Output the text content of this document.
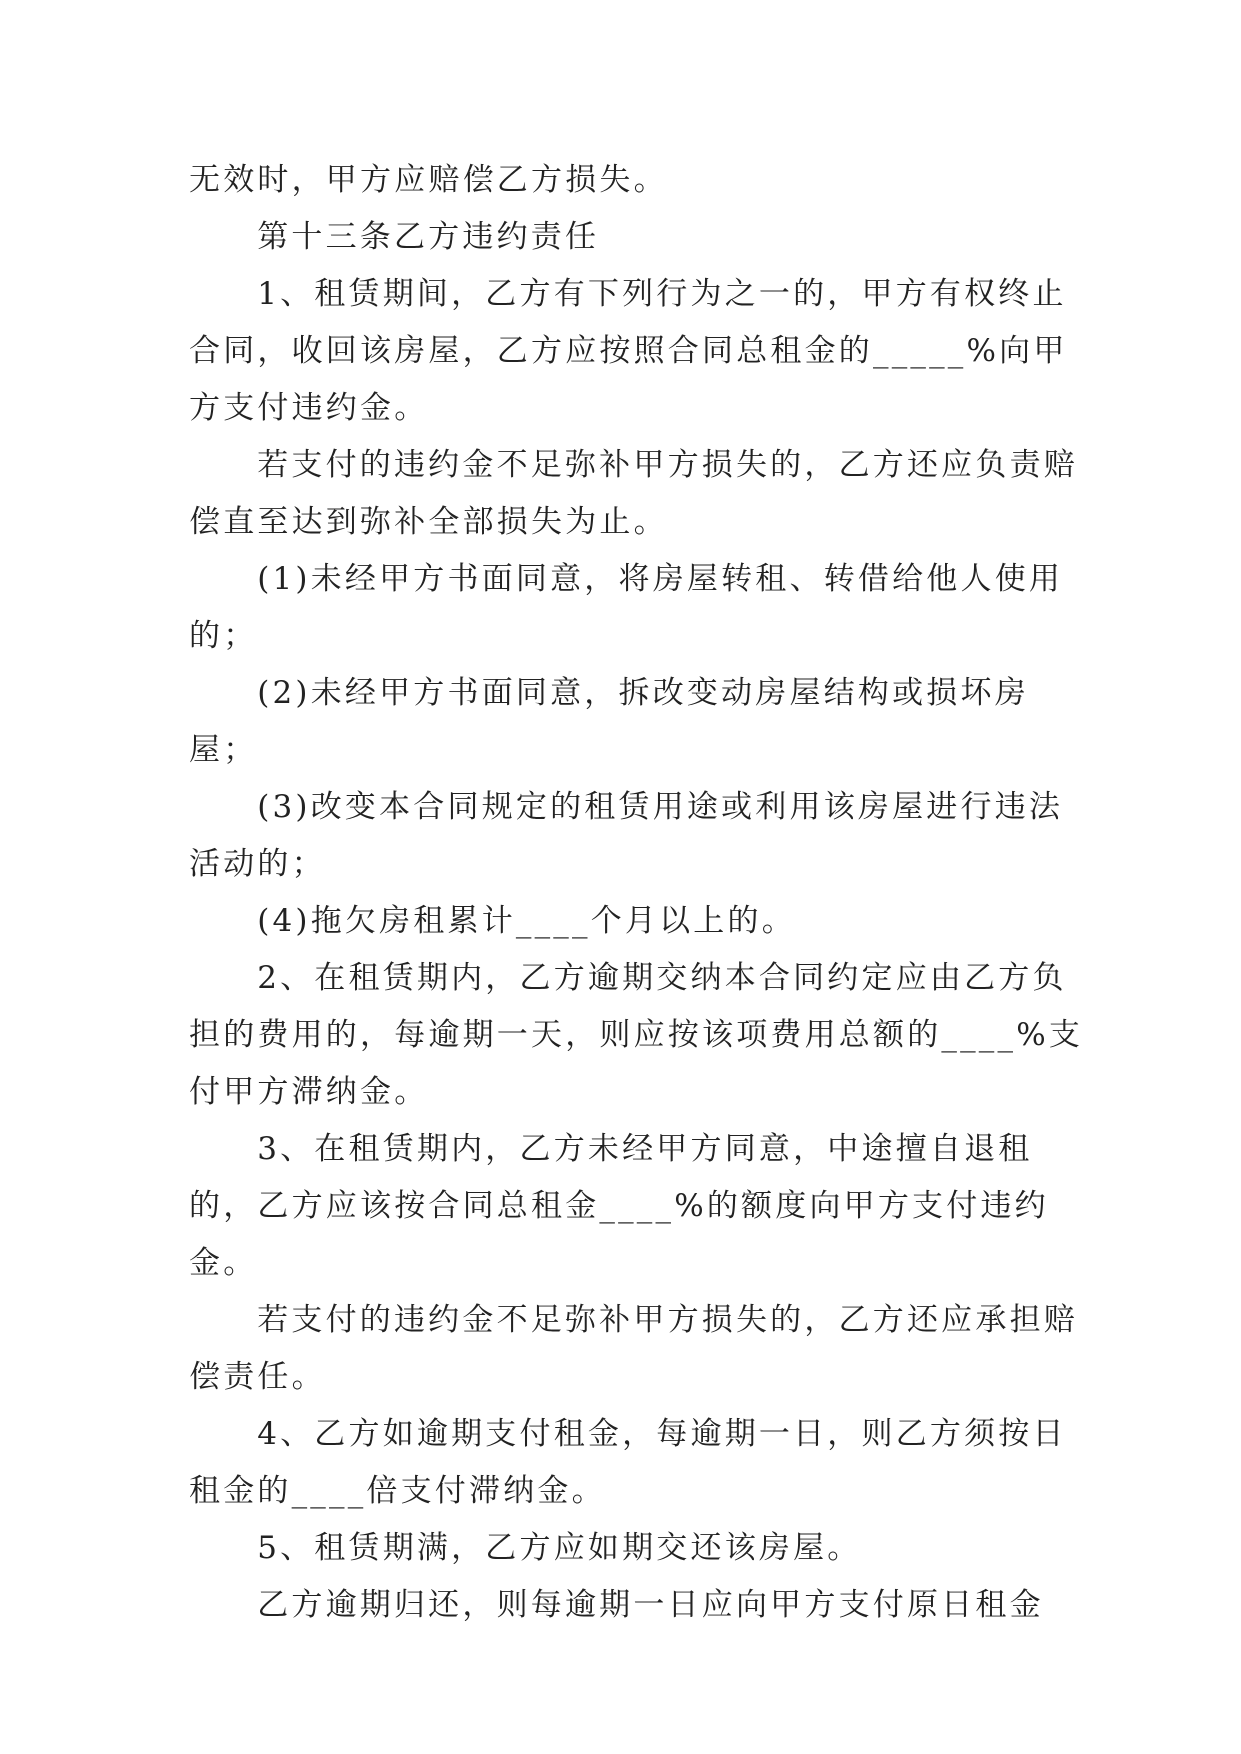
无效时，甲方应赔偿乙方损失。

第十三条乙方违约责任

1、租赁期间，乙方有下列行为之一的，甲方有权终止合同，收回该房屋，乙方应按照合同总租金的_____%向甲方支付违约金。

若支付的违约金不足弥补甲方损失的，乙方还应负责赔偿直至达到弥补全部损失为止。

(1)未经甲方书面同意，将房屋转租、转借给他人使用的；

(2)未经甲方书面同意，拆改变动房屋结构或损坏房屋；

(3)改变本合同规定的租赁用途或利用该房屋进行违法活动的；

(4)拖欠房租累计____个月以上的。

2、在租赁期内，乙方逾期交纳本合同约定应由乙方负担的费用的，每逾期一天，则应按该项费用总额的____%支付甲方滞纳金。

3、在租赁期内，乙方未经甲方同意，中途擅自退租的，乙方应该按合同总租金____%的额度向甲方支付违约金。

若支付的违约金不足弥补甲方损失的，乙方还应承担赔偿责任。

4、乙方如逾期支付租金，每逾期一日，则乙方须按日租金的____倍支付滞纳金。

5、租赁期满，乙方应如期交还该房屋。

乙方逾期归还，则每逾期一日应向甲方支付原日租金
